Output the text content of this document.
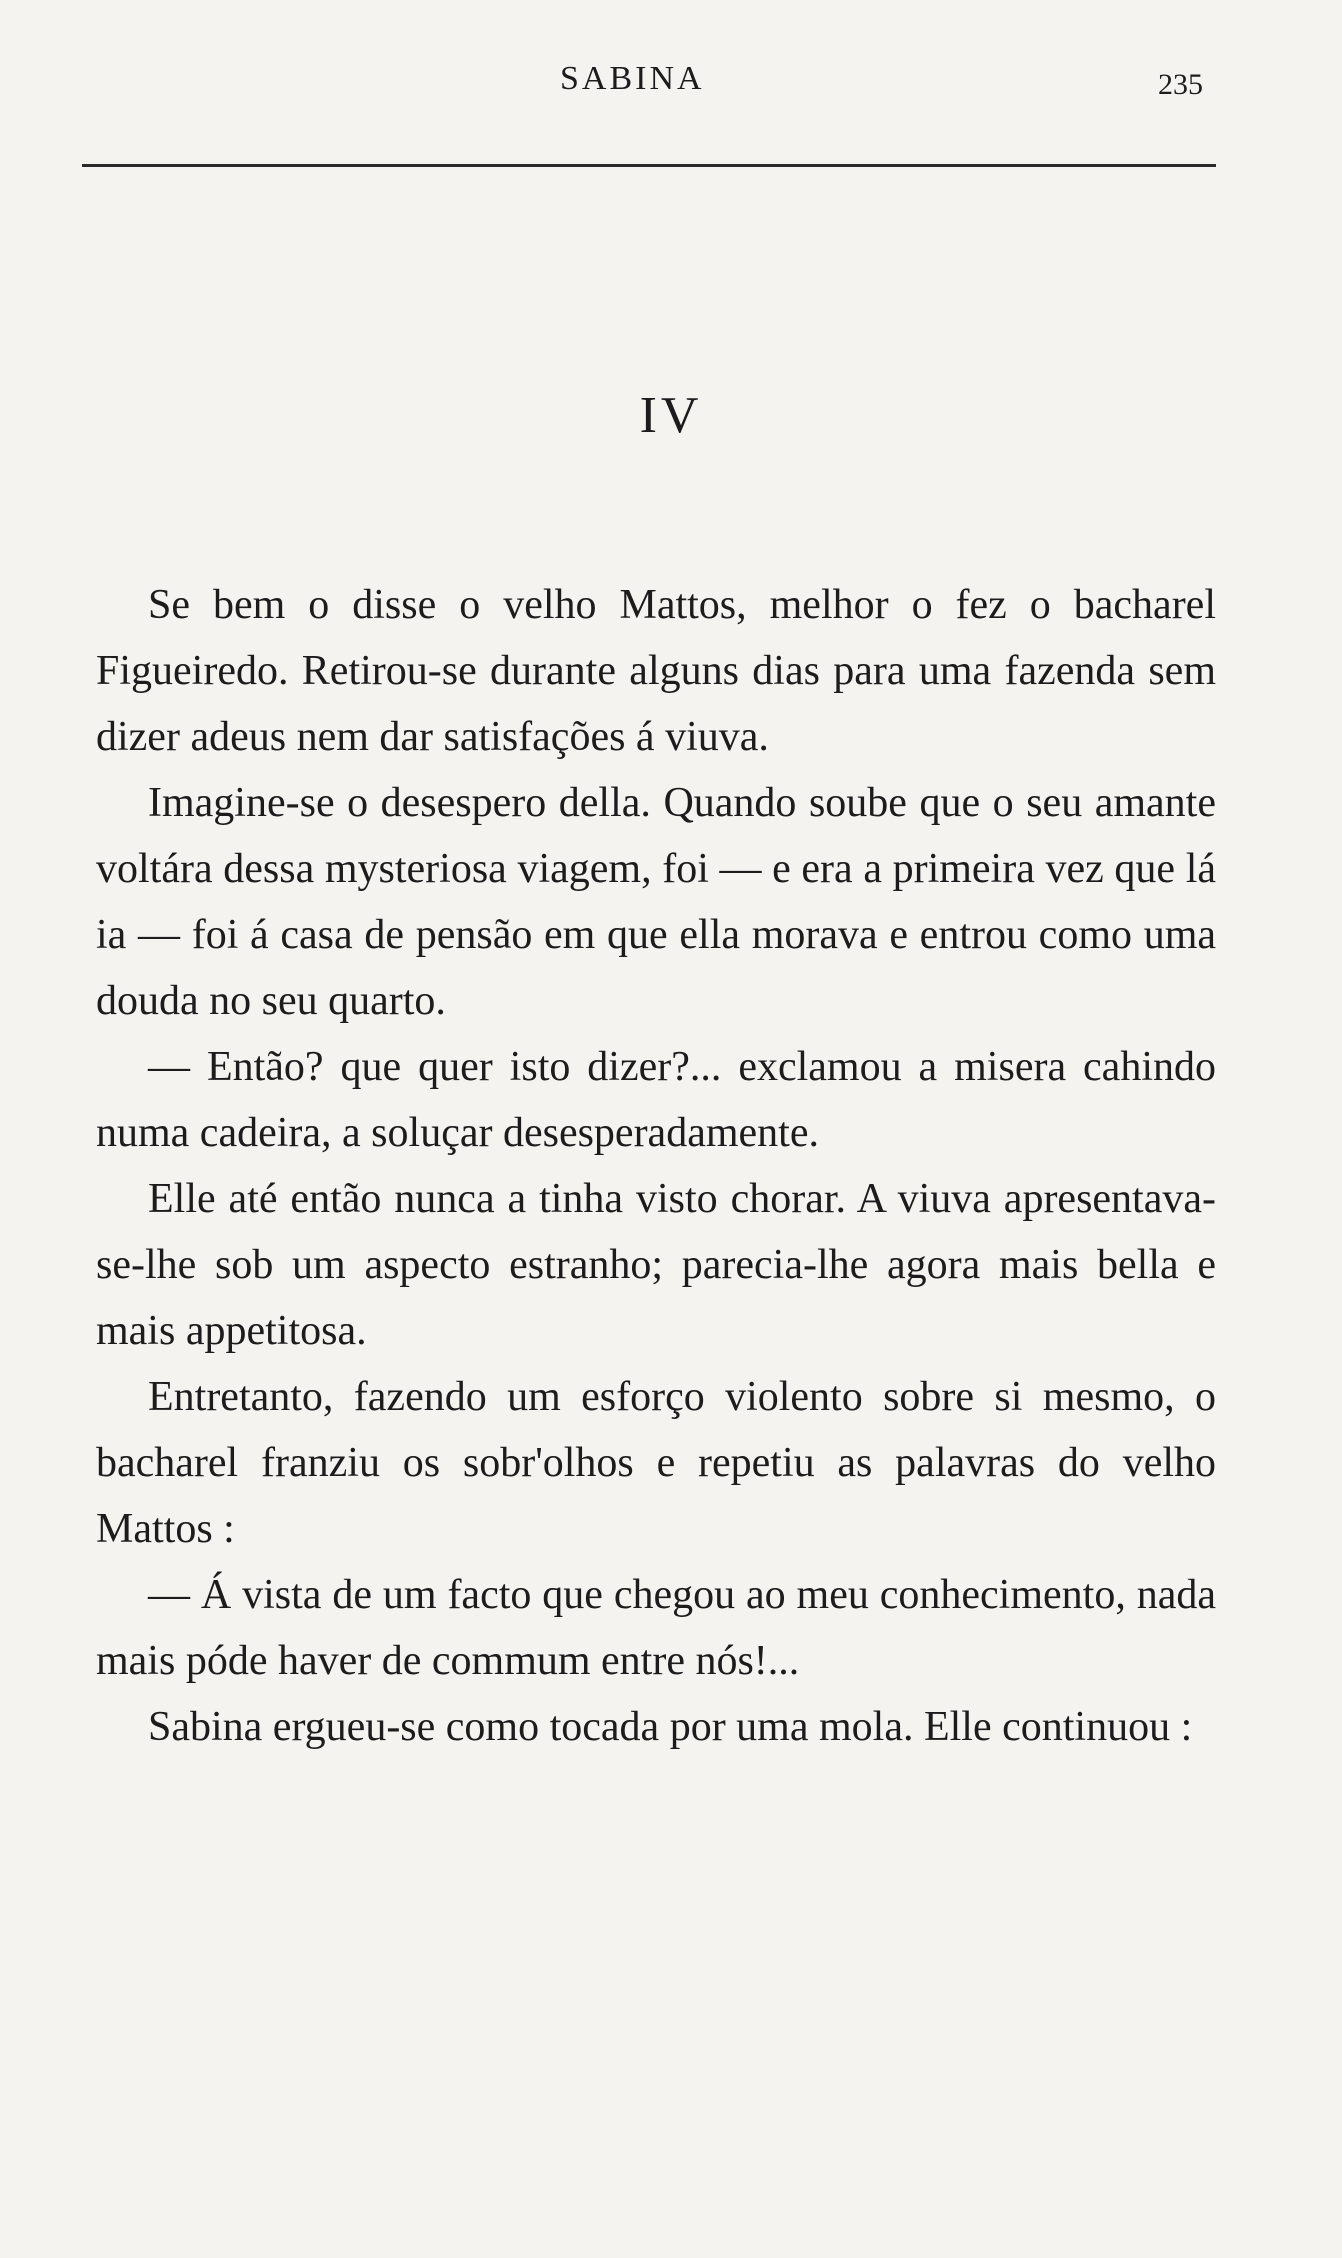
SABINA	235
IV

Se bem o disse o velho Mattos, melhor o fez o bacharel Figueiredo. Retirou-se durante alguns dias para uma fazenda sem dizer adeus nem dar satisfações á viuva.

Imagine-se o desespero della. Quando soube que o seu amante voltára dessa mysteriosa viagem, foi — e era a primeira vez que lá ia — foi á casa de pensão em que ella morava e entrou como uma douda no seu quarto.

— Então? que quer isto dizer?... exclamou a misera cahindo numa cadeira, a soluçar desesperadamente.

Elle até então nunca a tinha visto chorar. A viuva apresentava-se-lhe sob um aspecto estranho; parecia-lhe agora mais bella e mais appetitosa.

Entretanto, fazendo um esforço violento sobre si mesmo, o bacharel franziu os sobr'olhos e repetiu as palavras do velho Mattos :

— Á vista de um facto que chegou ao meu conhecimento, nada mais póde haver de commum entre nós!...

Sabina ergueu-se como tocada por uma mola. Elle continuou :
